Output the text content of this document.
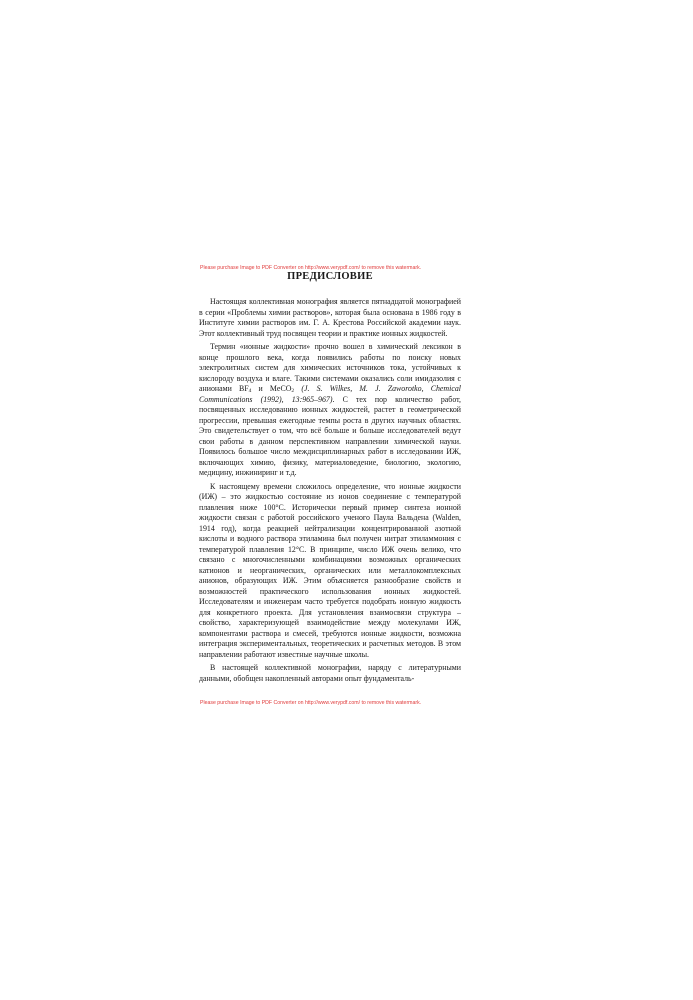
Please purchase Image to PDF Converter on http://www.verypdf.com/ to remove this watermark.
ПРЕДИСЛОВИЕ

Настоящая коллективная монография является пятнадцатой монографией в серии «Проблемы химии растворов», которая была основана в 1986 году в Институте химии растворов им. Г. А. Крестова Российской академии наук. Этот коллективный труд посвящен теории и практике ионных жидкостей.

Термин «ионные жидкости» прочно вошел в химический лексикон в конце прошлого века, когда появились работы по поиску новых электролитных систем для химических источников тока, устойчивых к кислороду воздуха и влаге. Такими системами оказались соли имидазолия с анионами $BF_4$ и MeCO$_2$ (J. S. Wilkes, M. J. Zaworotko, Chemical Communications (1992), 13:965–967). С тех пор количество работ, посвященных исследованию ионных жидкостей, растет в геометрической прогрессии, превышая ежегодные темпы роста в других научных областях. Это свидетельствует о том, что всё больше и больше исследователей ведут свои работы в данном перспективном направлении химической науки. Появилось большое число междисциплинарных работ в исследовании ИЖ, включающих химию, физику, материаловедение, биологию, экологию, медицину, инжиниринг и т.д.

К настоящему времени сложилось определение, что ионные жидкости (ИЖ) – это жидкостью состояние из ионов соединение с температурой плавления ниже 100°С. Исторически первый пример синтеза ионной жидкости связан с работой российского ученого Паула Вальдена (Walden, 1914 год), когда реакцией нейтрализации концентрированной азотной кислоты и водного раствора этиламина был получен нитрат этиламмония с температурой плавления 12°С. В принципе, число ИЖ очень велико, что связано с многочисленными комбинациями возможных органических катионов и неорганических, органических или металлокомплексных анионов, образующих ИЖ. Этим объясняется разнообразие свойств и возможностей практического использования ионных жидкостей. Исследователям и инженерам часто требуется подобрать ионную жидкость для конкретного проекта. Для установления взаимосвязи структура – свойство, характеризующей взаимодействие между молекулами ИЖ, компонентами раствора и смесей, требуются ионные жидкости, возможна интеграция экспериментальных, теоретических и расчетных методов. В этом направлении работают известные научные школы.

В настоящей коллективной монографии, наряду с литературными данными, обобщен накопленный авторами опыт фундаменталь-

Please purchase Image to PDF Converter on http://www.verypdf.com/ to remove this watermark.
